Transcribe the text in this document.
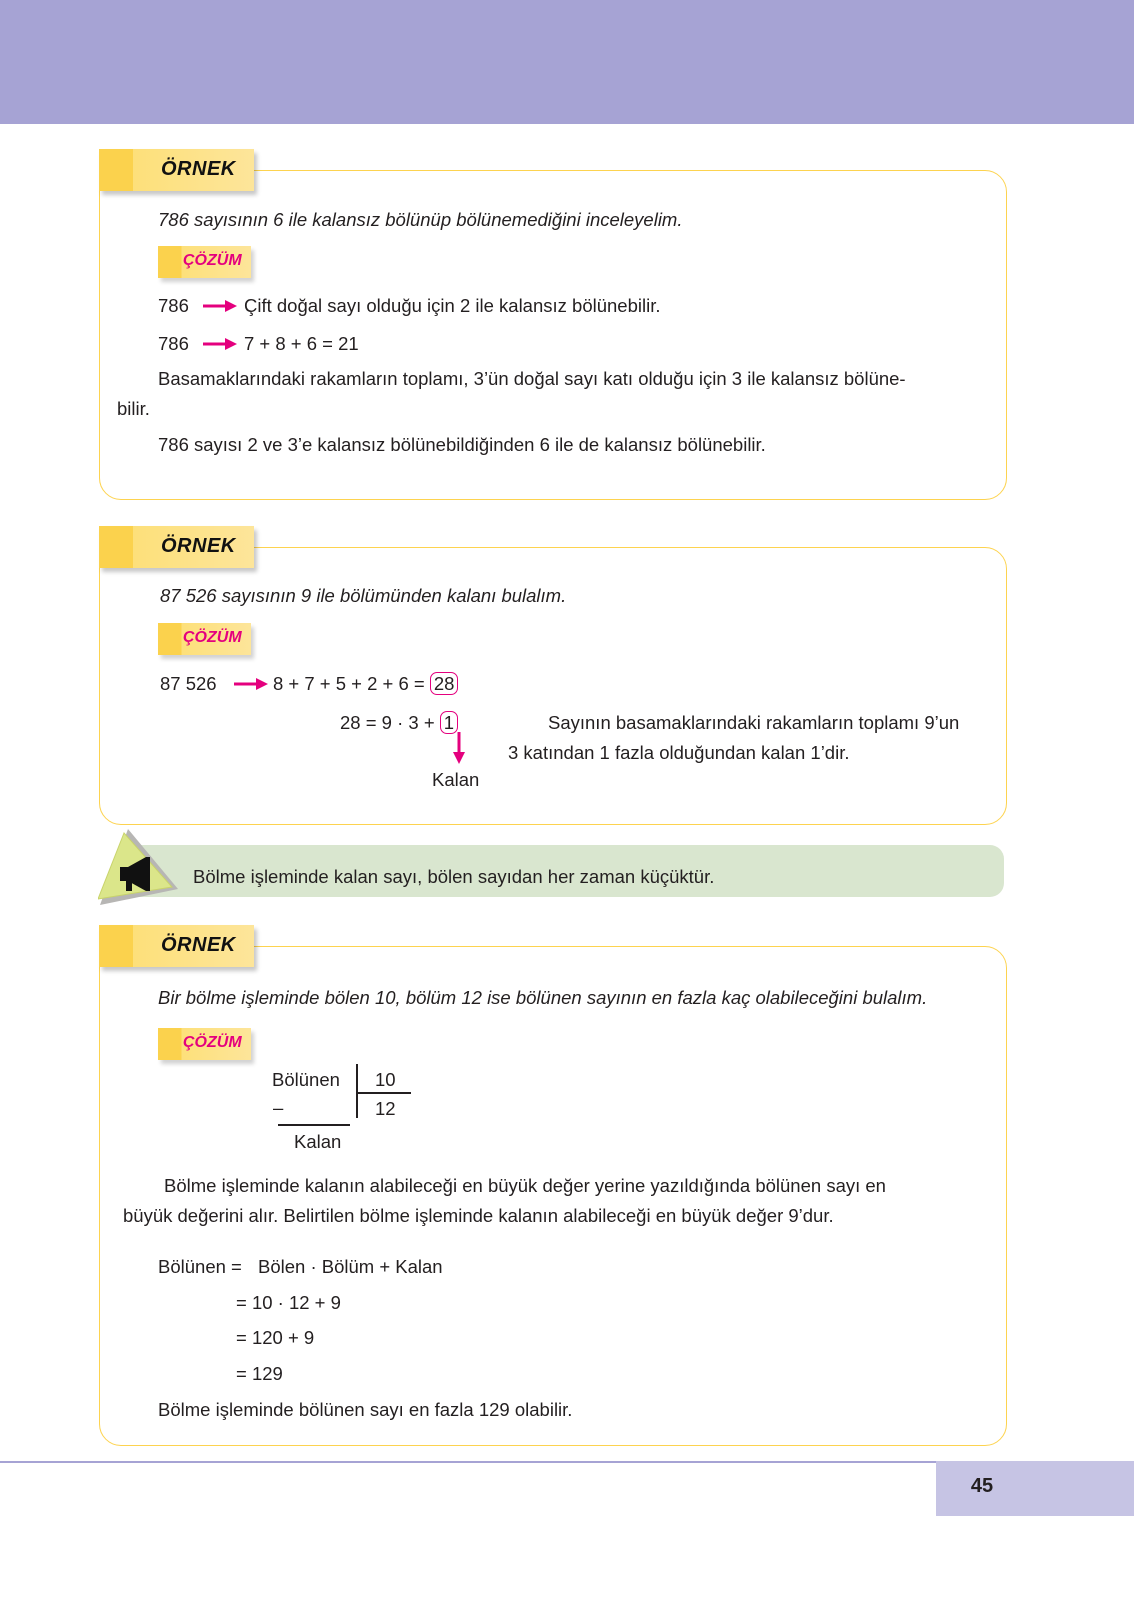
ÖRNEK
786 sayısının 6 ile kalansız bölünüp bölünemediğini inceleyelim.
ÇÖZÜM
786	Çift doğal sayı olduğu için 2 ile kalansız bölünebilir.
786	7 + 8 + 6 = 21
Basamaklarındaki rakamların toplamı, 3’ün doğal sayı katı olduğu için 3 ile kalansız bölüne-
bilir.
786 sayısı 2 ve 3’e kalansız bölünebildiğinden 6 ile de kalansız bölünebilir.
ÖRNEK
87 526 sayısının 9 ile bölümünden kalanı bulalım.
ÇÖZÜM
87 526	8 + 7 + 5 + 2 + 6 = 28
28 = 9 · 3 + 1
Kalan
Sayının basamaklarındaki rakamların toplamı 9’un
3 katından 1 fazla olduğundan kalan 1’dir.
Bölme işleminde kalan sayı, bölen sayıdan her zaman küçüktür.
ÖRNEK
Bir bölme işleminde bölen 10, bölüm 12 ise bölünen sayının en fazla kaç olabileceğini bulalım.
ÇÖZÜM
Bölünen 10
12
–
Kalan
Bölme işleminde kalanın alabileceği en büyük değer yerine yazıldığında bölünen sayı en
büyük değerini alır. Belirtilen bölme işleminde kalanın alabileceği en büyük değer 9’dur.
Bölünen = Bölen · Bölüm + Kalan
= 10 · 12 + 9
= 120 + 9
= 129
Bölme işleminde bölünen sayı en fazla 129 olabilir.
45
